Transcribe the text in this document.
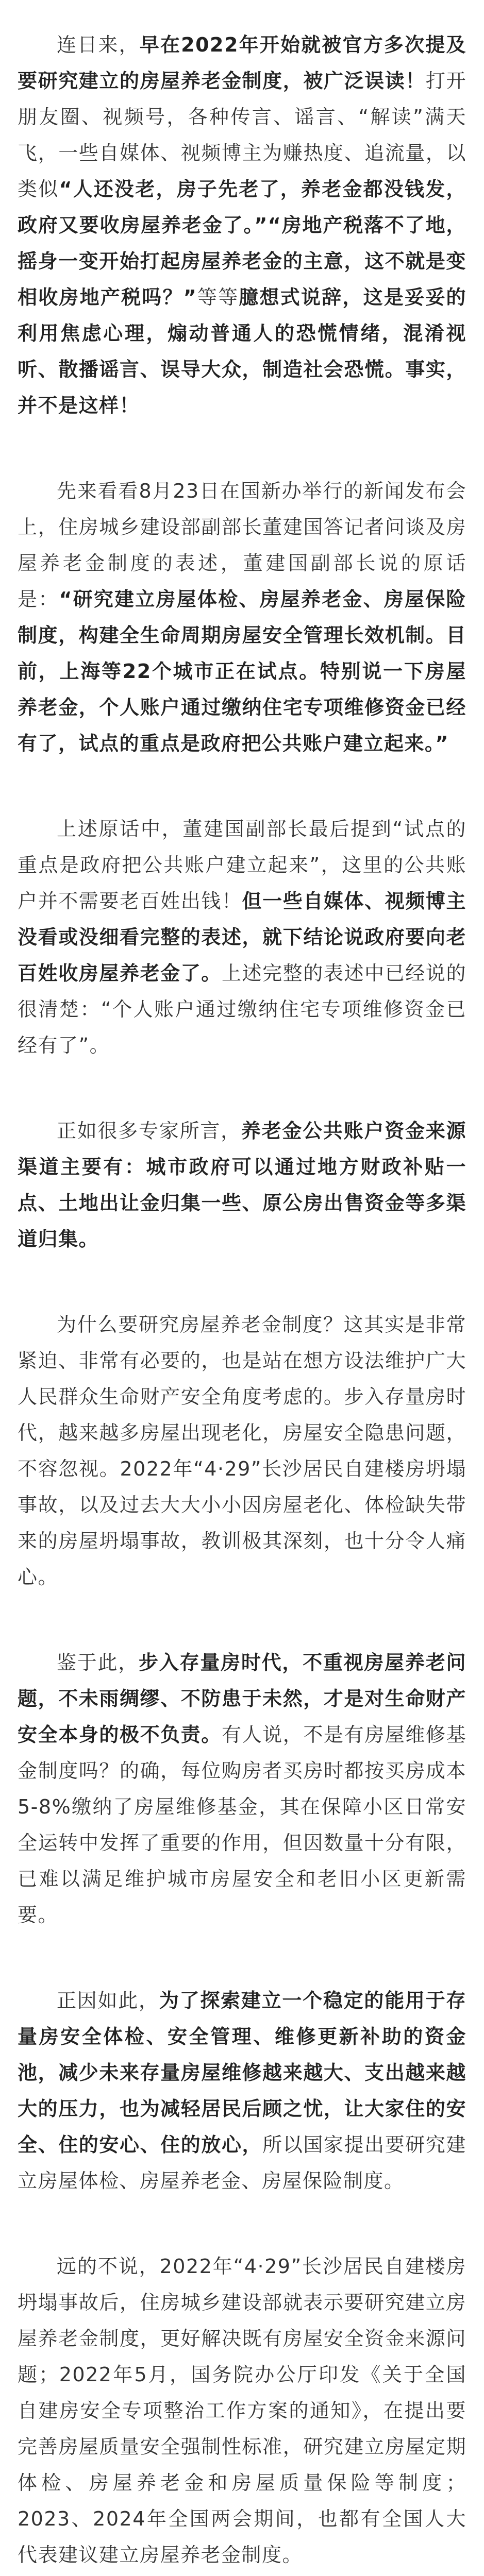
连日来，早在2022年开始就被官方多次提及要研究建立的房屋养老金制度，被广泛误读！打开朋友圈、视频号，各种传言、谣言、“解读”满天飞，一些自媒体、视频博主为赚热度、追流量，以类似“人还没老，房子先老了，养老金都没钱发，政府又要收房屋养老金了。”“房地产税落不了地，摇身一变开始打起房屋养老金的主意，这不就是变相收房地产税吗？”等等臆想式说辞，这是妥妥的利用焦虑心理，煽动普通人的恐慌情绪，混淆视听、散播谣言、误导大众，制造社会恐慌。事实，并不是这样！

先来看看8月23日在国新办举行的新闻发布会上，住房城乡建设部副部长董建国答记者问谈及房屋养老金制度的表述，董建国副部长说的原话是：“研究建立房屋体检、房屋养老金、房屋保险制度，构建全生命周期房屋安全管理长效机制。目前，上海等22个城市正在试点。特别说一下房屋养老金，个人账户通过缴纳住宅专项维修资金已经有了，试点的重点是政府把公共账户建立起来。”

上述原话中，董建国副部长最后提到“试点的重点是政府把公共账户建立起来”，这里的公共账户并不需要老百姓出钱！但一些自媒体、视频博主没看或没细看完整的表述，就下结论说政府要向老百姓收房屋养老金了。上述完整的表述中已经说的很清楚：“个人账户通过缴纳住宅专项维修资金已经有了”。

正如很多专家所言，养老金公共账户资金来源渠道主要有：城市政府可以通过地方财政补贴一点、土地出让金归集一些、原公房出售资金等多渠道归集。

为什么要研究房屋养老金制度？这其实是非常紧迫、非常有必要的，也是站在想方设法维护广大人民群众生命财产安全角度考虑的。步入存量房时代，越来越多房屋出现老化，房屋安全隐患问题，不容忽视。2022年“4·29”长沙居民自建楼房坍塌事故，以及过去大大小小因房屋老化、体检缺失带来的房屋坍塌事故，教训极其深刻，也十分令人痛心。

鉴于此，步入存量房时代，不重视房屋养老问题，不未雨绸缪、不防患于未然，才是对生命财产安全本身的极不负责。有人说，不是有房屋维修基金制度吗？的确，每位购房者买房时都按买房成本5-8%缴纳了房屋维修基金，其在保障小区日常安全运转中发挥了重要的作用，但因数量十分有限，已难以满足维护城市房屋安全和老旧小区更新需要。

正因如此，为了探索建立一个稳定的能用于存量房安全体检、安全管理、维修更新补助的资金池，减少未来存量房屋维修越来越大、支出越来越大的压力，也为减轻居民后顾之忧，让大家住的安全、住的安心、住的放心，所以国家提出要研究建立房屋体检、房屋养老金、房屋保险制度。

远的不说，2022年“4·29”长沙居民自建楼房坍塌事故后，住房城乡建设部就表示要研究建立房屋养老金制度，更好解决既有房屋安全资金来源问题；2022年5月，国务院办公厅印发《关于全国自建房安全专项整治工作方案的通知》，在提出要完善房屋质量安全强制性标准，研究建立房屋定期体检、房屋养老金和房屋质量保险等制度；2023、2024年全国两会期间，也都有全国人大代表建议建立房屋养老金制度。
